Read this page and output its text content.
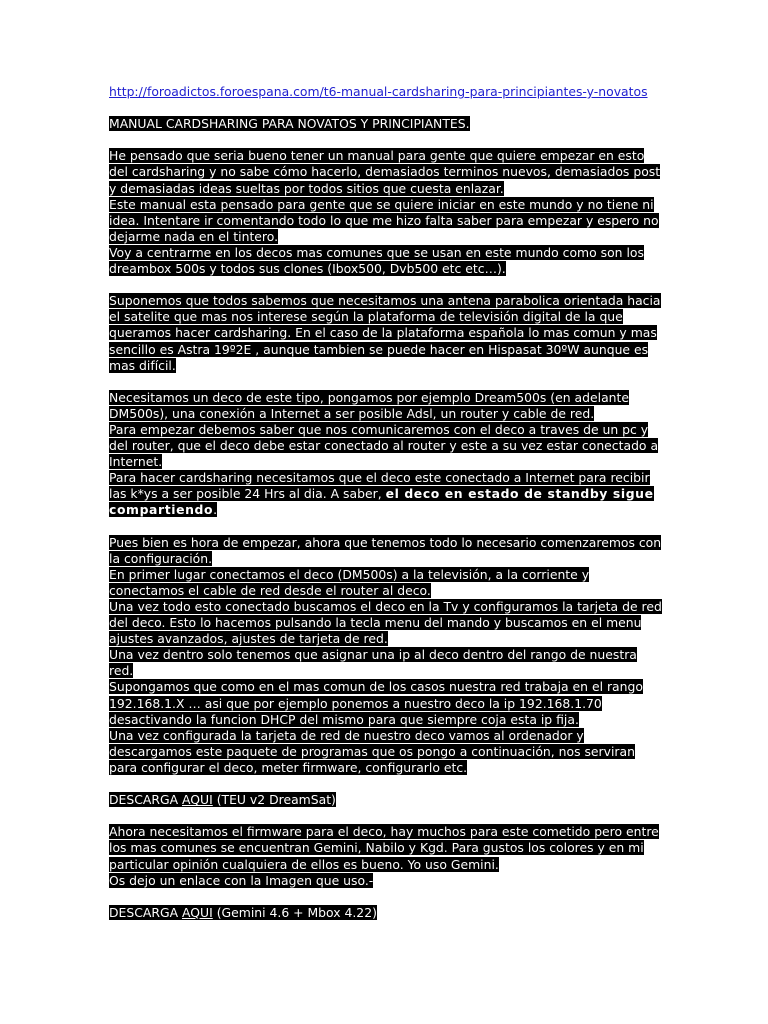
http://foroadictos.foroespana.com/t6-manual-cardsharing-para-principiantes-y-novatos
MANUAL CARDSHARING PARA NOVATOS Y PRINCIPIANTES.
He pensado que seria bueno tener un manual para gente que quiere empezar en esto
del cardsharing y no sabe cómo hacerlo, demasiados terminos nuevos, demasiados post
y demasiadas ideas sueltas por todos sitios que cuesta enlazar.
Este manual esta pensado para gente que se quiere iniciar en este mundo y no tiene ni
idea. Intentare ir comentando todo lo que me hizo falta saber para empezar y espero no
dejarme nada en el tintero.
Voy a centrarme en los decos mas comunes que se usan en este mundo como son los
dreambox 500s y todos sus clones (Ibox500, Dvb500 etc etc…).
Suponemos que todos sabemos que necesitamos una antena parabolica orientada hacia
el satelite que mas nos interese según la plataforma de televisión digital de la que
queramos hacer cardsharing. En el caso de la plataforma española lo mas comun y mas
sencillo es Astra 19º2E , aunque tambien se puede hacer en Hispasat 30ºW aunque es
mas difícil.
Necesitamos un deco de este tipo, pongamos por ejemplo Dream500s (en adelante
DM500s), una conexión a Internet a ser posible Adsl, un router y cable de red.
Para empezar debemos saber que nos comunicaremos con el deco a traves de un pc y
del router, que el deco debe estar conectado al router y este a su vez estar conectado a
Internet.
Para hacer cardsharing necesitamos que el deco este conectado a Internet para recibir
las k*ys a ser posible 24 Hrs al dia. A saber, el deco en estado de standby sigue
compartiendo.
Pues bien es hora de empezar, ahora que tenemos todo lo necesario comenzaremos con
la configuración.
En primer lugar conectamos el deco (DM500s) a la televisión, a la corriente y
conectamos el cable de red desde el router al deco.
Una vez todo esto conectado buscamos el deco en la Tv y configuramos la tarjeta de red
del deco. Esto lo hacemos pulsando la tecla menu del mando y buscamos en el menu
ajustes avanzados, ajustes de tarjeta de red.
Una vez dentro solo tenemos que asignar una ip al deco dentro del rango de nuestra
red.
Supongamos que como en el mas comun de los casos nuestra red trabaja en el rango
192.168.1.X … asi que por ejemplo ponemos a nuestro deco la ip 192.168.1.70
desactivando la funcion DHCP del mismo para que siempre coja esta ip fija.
Una vez configurada la tarjeta de red de nuestro deco vamos al ordenador y
descargamos este paquete de programas que os pongo a continuación, nos serviran
para configurar el deco, meter firmware, configurarlo etc.
DESCARGA AQUI (TEU v2 DreamSat)
Ahora necesitamos el firmware para el deco, hay muchos para este cometido pero entre
los mas comunes se encuentran Gemini, Nabilo y Kgd. Para gustos los colores y en mi
particular opinión cualquiera de ellos es bueno. Yo uso Gemini.
Os dejo un enlace con la Imagen que uso.-
DESCARGA AQUI (Gemini 4.6 + Mbox 4.22)
